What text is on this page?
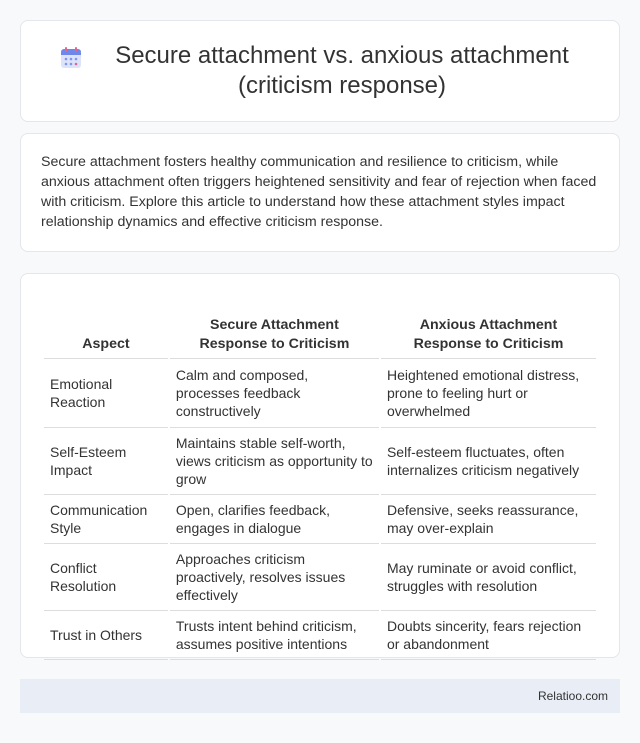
Secure attachment vs. anxious attachment (criticism response)

Secure attachment fosters healthy communication and resilience to criticism, while anxious attachment often triggers heightened sensitivity and fear of rejection when faced with criticism. Explore this article to understand how these attachment styles impact relationship dynamics and effective criticism response.

Aspect	Secure Attachment Response to Criticism	Anxious Attachment Response to Criticism
Emotional Reaction	Calm and composed, processes feedback constructively	Heightened emotional distress, prone to feeling hurt or overwhelmed
Self-Esteem Impact	Maintains stable self-worth, views criticism as opportunity to grow	Self-esteem fluctuates, often internalizes criticism negatively
Communication Style	Open, clarifies feedback, engages in dialogue	Defensive, seeks reassurance, may over-explain
Conflict Resolution	Approaches criticism proactively, resolves issues effectively	May ruminate or avoid conflict, struggles with resolution
Trust in Others	Trusts intent behind criticism, assumes positive intentions	Doubts sincerity, fears rejection or abandonment
Relatioo.com
